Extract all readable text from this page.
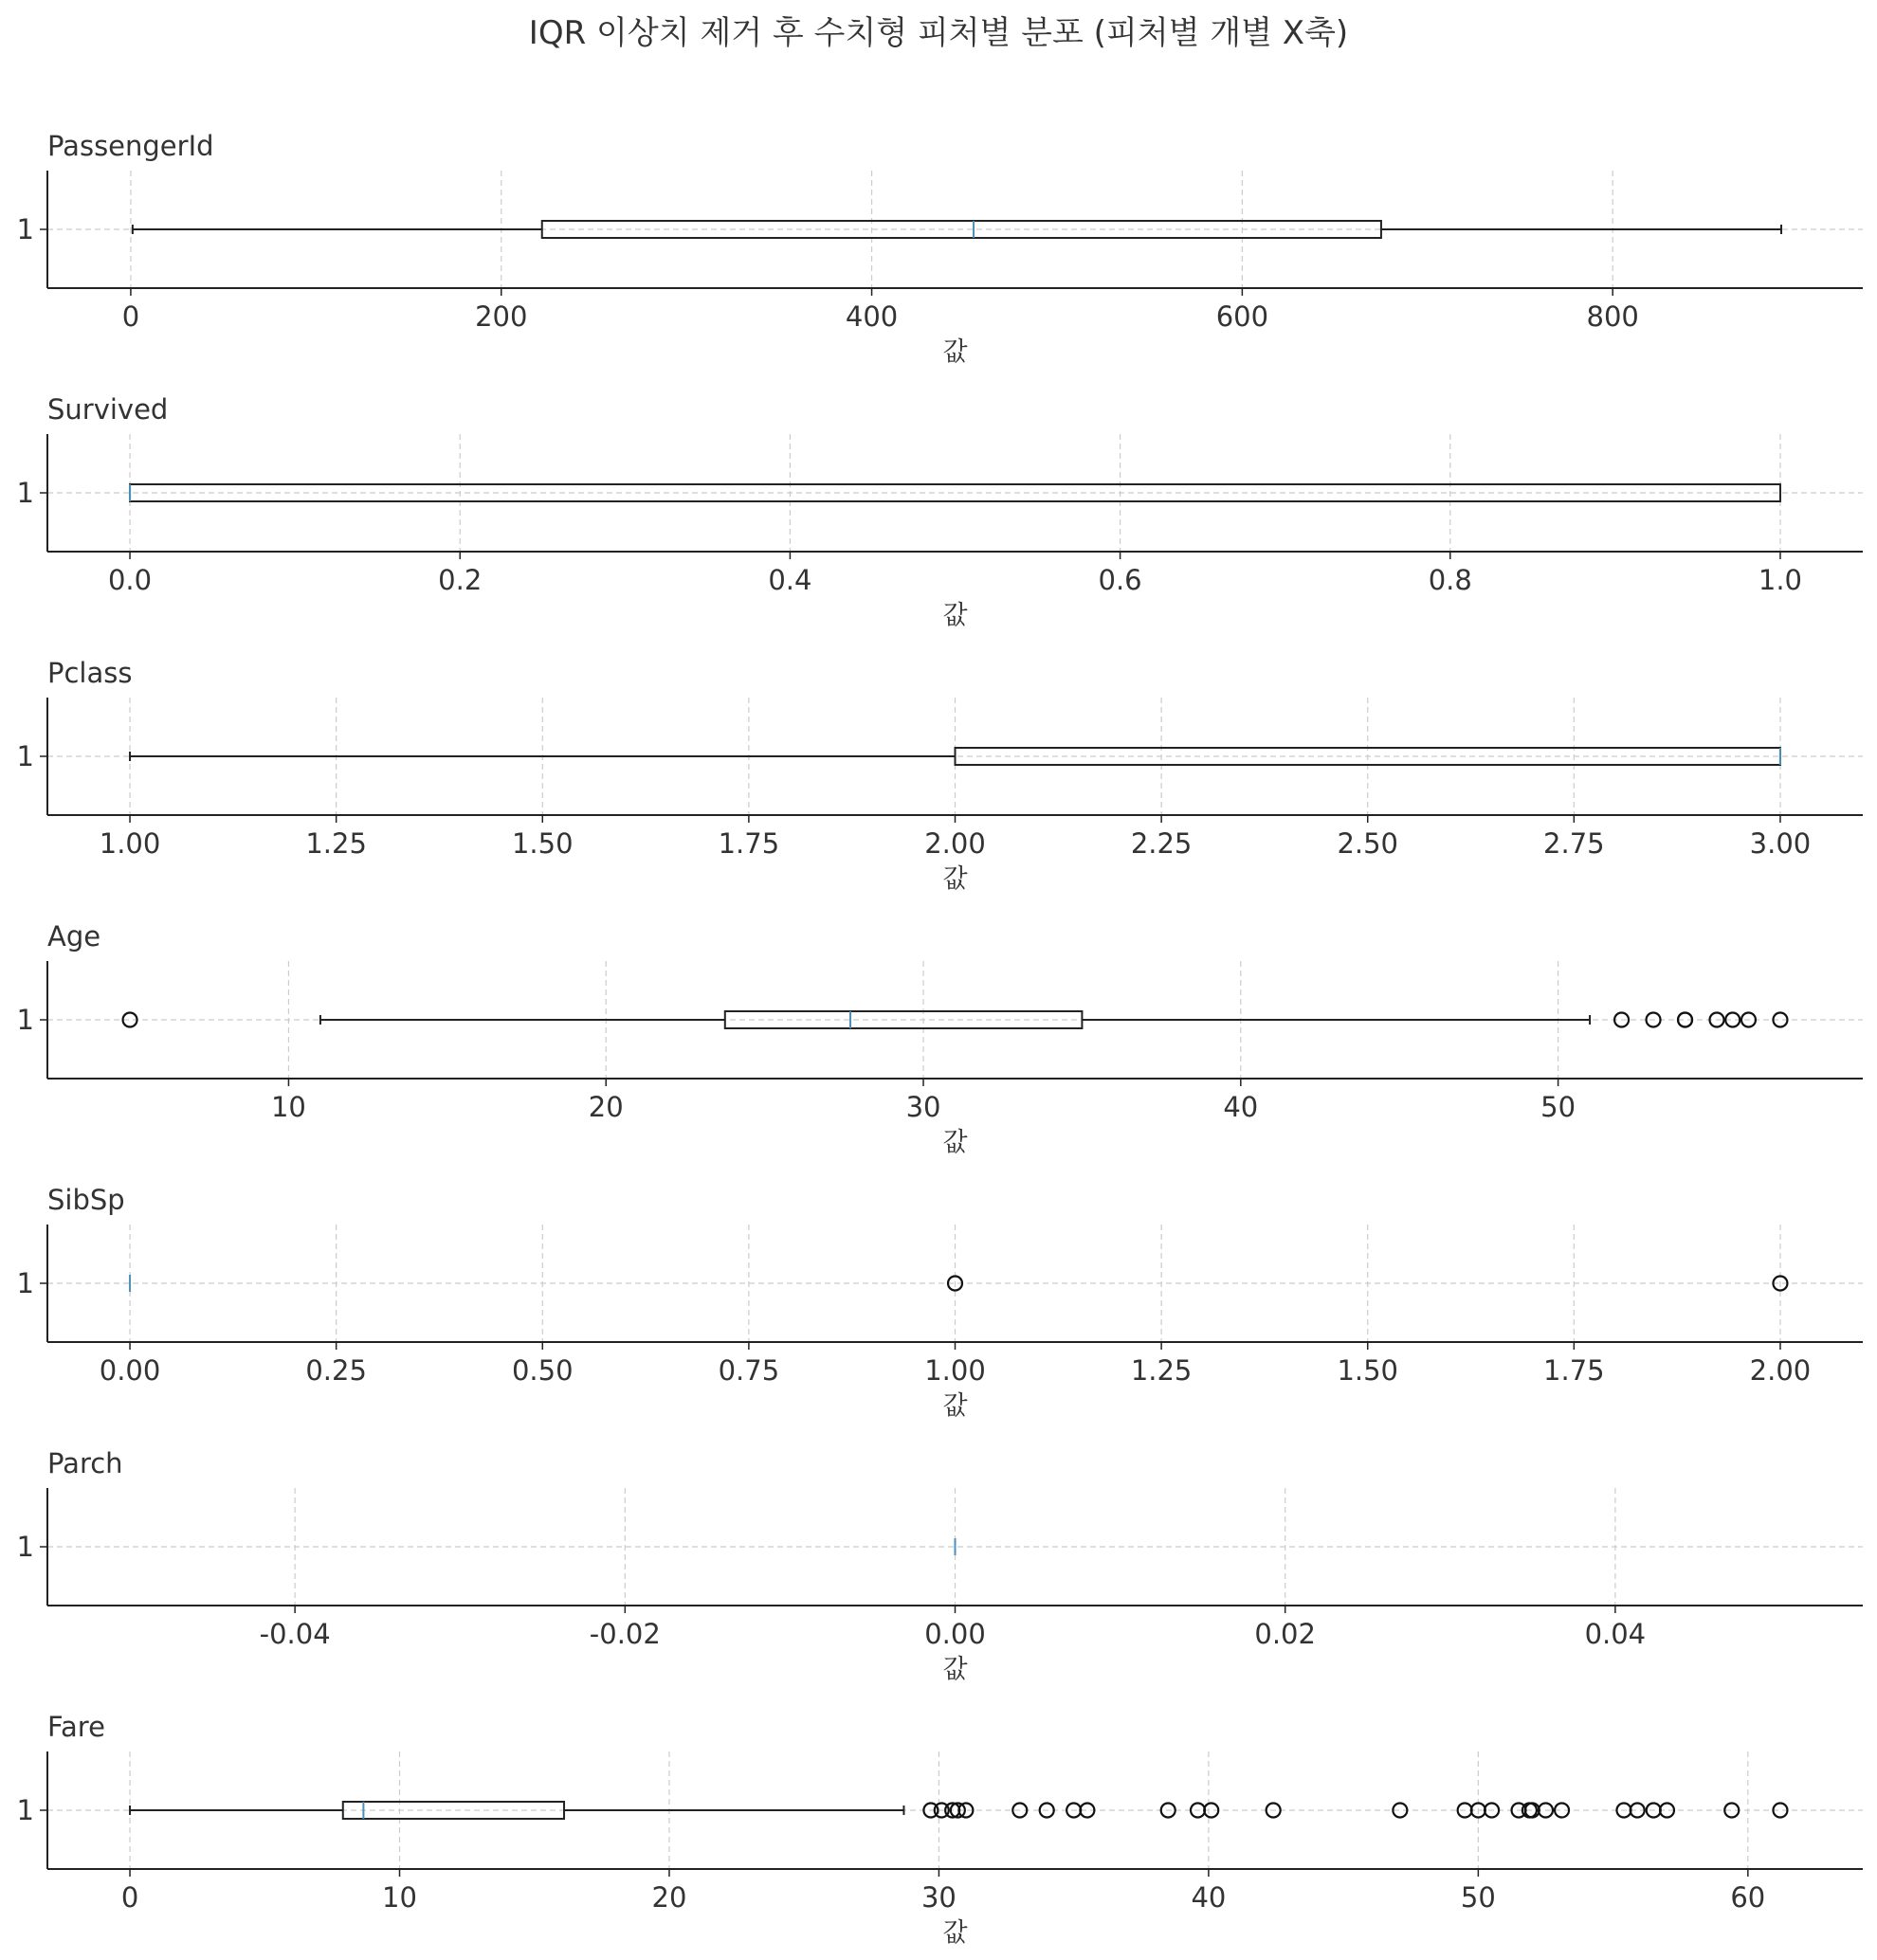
IQR 이상치 제거 후 수치형 피처별 분포 (피처별 개별 X축)
PassengerId
1
0	200	400	600	800
값
Survived
1
0.0	0.2	0.4	0.6	0.8	1.0
값
Pclass
1
1.00	1.25	1.50	1.75	2.00	2.25	2.50	2.75	3.00
값
Age
1
10	20	30	40	50
값
SibSp
1
0.00	0.25	0.50	0.75	1.00	1.25	1.50	1.75	2.00
값
Parch
1
-0.04	-0.02	0.00	0.02	0.04
값
Fare
1
0	10	20	30	40	50	60
값
